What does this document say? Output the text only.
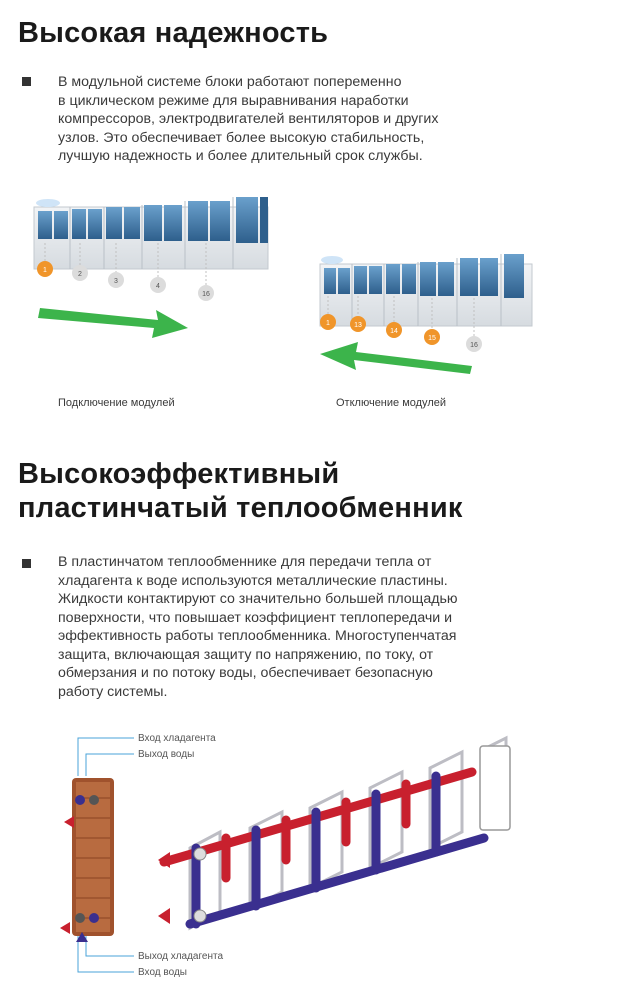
Высокая надежность
В модульной системе блоки работают попеременно
в циклическом режиме для выравнивания наработки
компрессоров, электродвигателей вентиляторов и других
узлов. Это обеспечивает более высокую стабильность,
лучшую надежность и более длительный срок службы.
1
2
3
4
16
Подключение модулей
1	13
14
15
16
Отключение модулей
Высокоэффективный
пластинчатый теплообменник
В пластинчатом теплообменнике для передачи тепла от
хладагента к воде используются металлические пластины.
Жидкости контактируют со значительно большей площадью
поверхности, что повышает коэффициент теплопередачи и
эффективность работы теплообменника. Многоступенчатая
защита, включающая защиту по напряжению, по току, от
обмерзания и по потоку воды, обеспечивает безопасную
работу системы.
Вход хладагента
Выход воды
Выход хладагента
Вход воды
